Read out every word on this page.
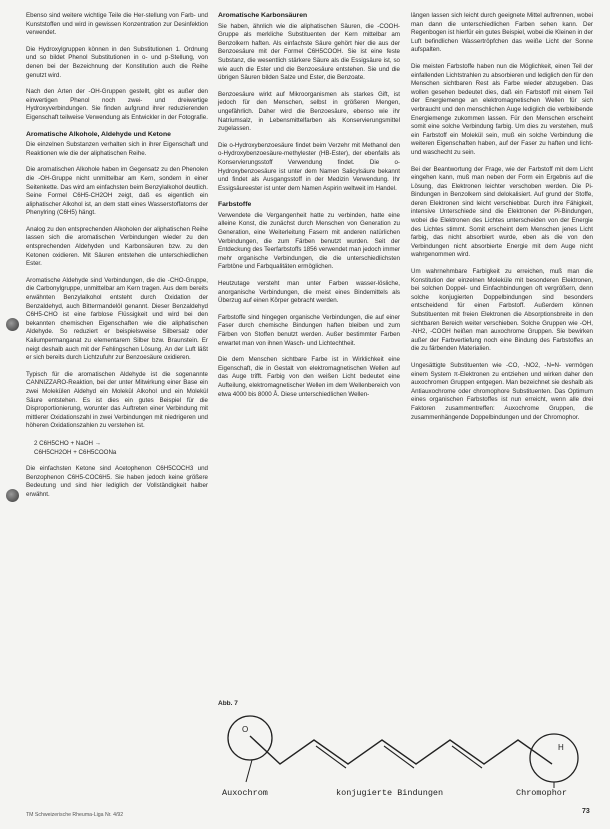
Ebenso sind weitere wichtige Teile die Her-stellung von Farb- und Kunststoffen und wird in gewissen Konzentration zur Desinfektion verwendet.

Die Hydroxylgruppen können in den Substitutionen 1. Ordnung und so bildet Phenol Substitutionen in o- und p-Stellung, von denen bei der Bezeichnung der Konstitution auch die Reihe genutzt wird.

Nach den Arten der -OH-Gruppen gestellt, gibt es außer den einwertigen Phenol noch zwei- und dreiwertige Hydroxyverbindungen. Sie finden aufgrund ihrer reduzierenden Eigenschaft teilweise Verwendung als Entwickler in der Fotografie.

Aromatische Alkohole, Aldehyde und Ketone

Die einzelnen Substanzen verhalten sich in ihrer Eigenschaft und Reaktionen wie die der aliphatischen Reihe.

Die aromatischen Alkohole haben im Gegensatz zu den Phenolen die -OH-Gruppe nicht unmittelbar am Kern, sondern in einer Seitenkette. Das wird am einfachsten beim Benzylalkohol deutlich. Seine Formel C6H5-CH2OH zeigt, daß es eigentlich ein aliphatischer Alkohol ist, an dem statt eines Wasserstoffatoms der Phenylring (C6H5) hängt.

Analog zu den entsprechenden Alkoholen der aliphatischen Reihe lassen sich die aromatischen Verbindungen wieder zu den entsprechenden Aldehyden und Karbonsäuren bzw. zu den Ketonen oxidieren. Mit Säuren entstehen die unterschiedlichen Ester.

Aromatische Aldehyde sind Verbindungen, die die -CHO-Gruppe, die Carbonylgruppe, unmittelbar am Kern tragen. Aus dem bereits erwähnten Benzylalkohol entsteht durch Oxidation der Benzaldehyd, auch Bittermandelöl genannt. Dieser Benzaldehyd C6H5-CHO ist eine farblose Flüssigkeit und wird bei den bekannten chemischen Eigenschaften wie die aliphatischen Aldehyde. So reduziert er beispielsweise Silbersalz oder Kaliumpermanganat zu elementarem Silber bzw. Braunstein. Er neigt deshalb auch mit der Fehlingschen Lösung. An der Luft läßt er sich bereits durch Lichtzufuhr zur Benzoesäure oxidieren.

Typisch für die aromatischen Aldehyde ist die sogenannte CANNIZZARO-Reaktion, bei der unter Mitwirkung einer Base ein zwei Molekülen Aldehyd ein Molekül Alkohol und ein Molekül Säure entstehen. Es ist dies ein gutes Beispiel für die Disproportionierung, worunter das Auftreten einer Verbindung mit mittlerer Oxidationszahl in zwei Verbindungen mit niedrigeren und höheren Oxidationszahlen zu verstehen ist.

2 C6H5CHO + NaOH →
C6H5CH2OH + C6H5COONa

Die einfachsten Ketone sind Acetophenon C6H5COCH3 und Benzophenon C6H5-COC6H5. Sie haben jedoch keine größere Bedeutung und sind hier lediglich der Vollständigkeit halber erwähnt.

Aromatische Karbonsäuren

Sie haben, ähnlich wie die aliphatischen Säuren, die -COOH-Gruppe als merkliche Substituenten der Kern mittelbar am Benzolkern haften. Als einfachste Säure gehört hier die aus der Benzoesäure mit der Formel C6H5COOH. Sie ist eine feste Substanz, die wesentlich stärkere Säure als die Essigsäure ist, so wie auch die Ester und die Benzoesäure entstehen. Sie und die übrigen Säuren bilden Salze und Ester, die Benzoate.

Benzoesäure wirkt auf Mikroorganismen als starkes Gift, ist jedoch für den Menschen, selbst in größeren Mengen, ungefährlich. Daher wird die Benzoesäure, ebenso wie ihr Natriumsalz, in Lebensmittelfarben als Konservierungsmittel zugelassen.

Die o-Hydroxybenzoesäure findet beim Verzehr mit Methanol den o-Hydroxybenzoesäure-methylester (HB-Ester), der ebenfalls als Konservierungsstoff Verwendung findet. Die o-Hydroxybenzoesäure ist unter dem Namen Salicylsäure bekannt und findet als Ausgangsstoff in der Medizin Verwendung. Ihr Essigsäureester ist unter dem Namen Aspirin weltweit im Handel.

Farbstoffe

Verwendete die Vergangenheit hatte zu verbinden, hatte eine alleine Konst, die zunächst durch Menschen von Generation zu Generation, eine Weiterleitung Fasern mit anderen natürlichen Verbindungen, die zum Färben benutzt wurden. Seit der Entdeckung des Teerfarbstoffs 1856 verwendet man jedoch immer mehr organische Verbindungen, die die unterschiedlichsten Farbtöne und Farbqualitäten ermöglichen.

Heutzutage versteht man unter Farben wasser-lösliche, anorganische Verbindungen, die meist eines Bindemittels als Überzug auf einen Körper gebracht werden.

Farbstoffe sind hingegen organische Verbindungen, die auf einer Faser durch chemische Bindungen haften bleiben und zum Färben von Stoffen benutzt werden. Außer bestimmter Farben erwartet man von ihnen Wasch- und Lichtechtheit.

Die dem Menschen sichtbare Farbe ist in Wirklichkeit eine Eigenschaft, die in Gestalt von elektromagnetischen Wellen auf das Auge trifft. Farbig von den weißen Licht bedeutet eine Aufteilung, elektromagnetischer Wellen im dem Wellenbereich von etwa 4000 bis 8000 Å. Diese unterschiedlichen Wellen-

längen lassen sich leicht durch geeignete Mittel auftrennen, wobei man dann die unterschiedlichen Farben sehen kann. Der Regenbogen ist hierfür ein gutes Beispiel, wobei die Kleinen in der Luft befindlichen Wassertröpfchen das weiße Licht der Sonne aufspalten.

Die meisten Farbstoffe haben nun die Möglichkeit, einen Teil der einfallenden Lichtstrahlen zu absorbieren und lediglich den für den Menschen sichtbaren Rest als Farbe wieder abzugeben. Das wollen gesehen bedeutet dies, daß ein Farbstoff mit einem Teil der Energiemenge an elektromagnetischen Wellen für sich verbraucht und den menschlichen Auge lediglich die verbleibende Energiemenge zukommen lassen. Für den Menschen erscheint somit eine solche Verbindung farbig. Um dies zu verstehen, muß ein Farbstoff ein Molekül sein, muß ein solche Verbindung die weiteren Eigenschaften haben, auf der Faser zu haften und licht- und waschecht zu sein.

Bei der Beantwortung der Frage, wie der Farbstoff mit dem Licht eingehen kann, muß man neben der Form ein Ergebnis auf die Lösung, das Elektronen leichter verschoben werden. Die Pi-Bindungen in Benzolkern sind delokalisiert. Auf grund der Stoffe, deren Elektronen sind leicht verschiebbar. Durch ihre Fähigkeit, intensive Unterschiede sind die Elektronen der Pi-Bindungen, wobei die Elektronen des Lichtes unterscheiden von der Energie des Lichtes stimmt. Somit erscheint dem Menschen jenes Licht farbig, das nicht absorbiert wurde, eben als die von den Verbindungen nicht absorbierte Energie mit dem Auge nicht wahrgenommen wird.

Um wahrnehmbare Farbigkeit zu erreichen, muß man die Konstitution der einzelnen Moleküle mit besonderen Elektronen, bei solchen Doppel- und Einfachbindungen oft vergrößern, denn solche konjugierten Doppelbindungen sind besonders entscheidend für einen Farbstoff. Außerdem können Substituenten mit freien Elektronen die Absorptionsbreite in den sichtbaren Bereich weiter verschieben. Solche Gruppen wie -OH, -NH2, -COOH heißen man auxochrome Gruppen. Sie bewirken außer der Farbvertiefung noch eine Bindung des Farbstoffes an die zu färbenden Materialien.

Ungesättigte Substituenten wie -CO, -NO2, -N=N- vermögen einem System π-Elektronen zu entziehen und wirken daher den auxochromen Gruppen entgegen. Man bezeichnet sie deshalb als Antiauxochrome oder chromophore Substituenten. Das Optimum eines organischen Farbstoffes ist nun erreicht, wenn alle drei Faktoren zusammentreffen: Auxochrome Gruppen, die zusammenhängende Doppelbindungen und der Chromophor.

Abb. 7
O
H
Auxochrom	konjugierte Bindungen	Chromophor
TM Schweizerische Rheuma-Liga Nr. 4/92	73
